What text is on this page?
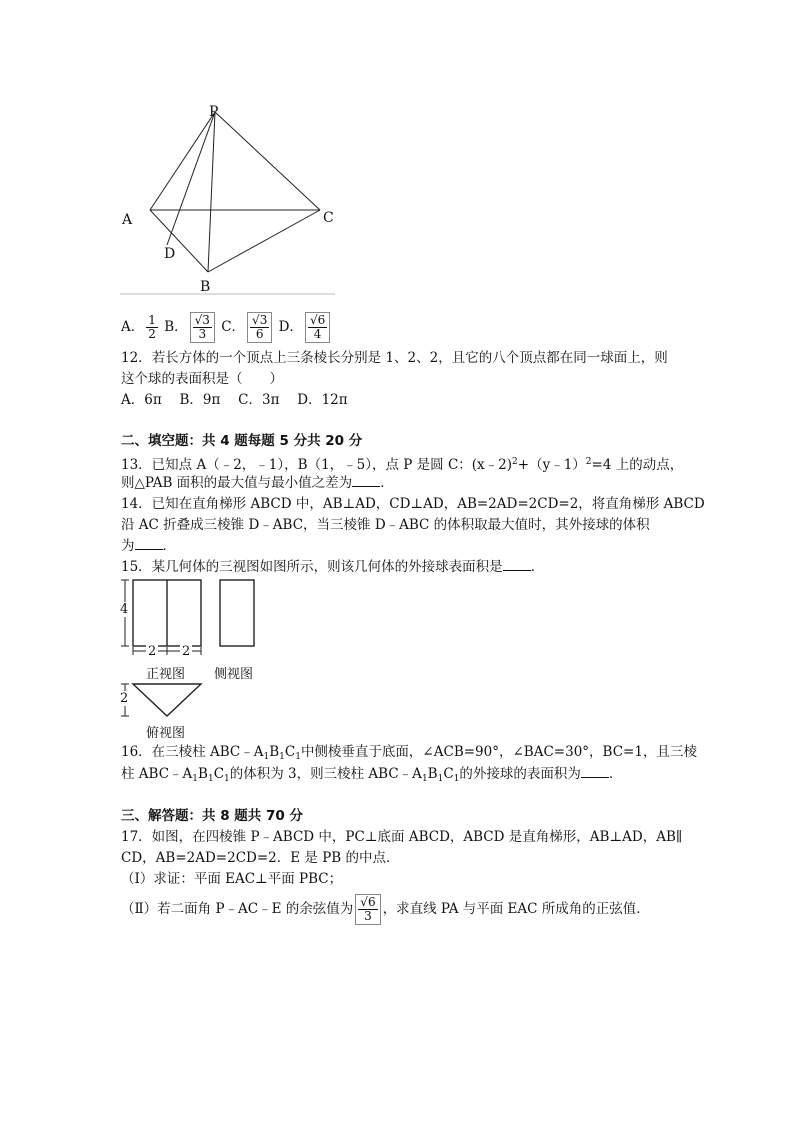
P
A	C
D
B
A． $\frac{1}{2}$ B． $\frac{√3}{3}$ C． $\frac{√3}{6}$ D． $\frac{√6}{4}$
12．若长方体的一个顶点上三条棱长分别是 1、2、2，且它的八个顶点都在同一球面上，则
这个球的表面积是（　　）
A．6π　 B．9π　 C．3π　 D．12π
二、填空题：共 4 题每题 5 分共 20 分
13．已知点 A（﹣2，﹣1），B（1，﹣5），点 P 是圆 C：(x﹣2)$^2$+（y﹣1）$^2$=4 上的动点，
则△PAB 面积的最大值与最小值之差为 ．
14．已知在直角梯形 ABCD 中，AB⊥AD，CD⊥AD，AB=2AD=2CD=2，将直角梯形 ABCD
沿 AC 折叠成三棱锥 D﹣ABC，当三棱锥 D﹣ABC 的体积取最大值时，其外接球的体积
为 ．
15．某几何体的三视图如图所示，则该几何体的外接球表面积是 ．
4
2 2
正视图 侧视图
2
俯视图
16．在三棱柱 $ABC﹣A_1B_1C_1$中侧棱垂直于底面，∠ACB=90°，∠BAC=30°，BC=1，且三棱
柱 $ABC﹣A_1B_1C_1$的体积为 3，则三棱柱 $ABC﹣A_1B_1C_1$的外接球的表面积为 ．
三、解答题：共 8 题共 70 分
17．如图，在四棱锥 P﹣ABCD 中，PC⊥底面 ABCD，ABCD 是直角梯形，AB⊥AD，AB∥
CD，AB=2AD=2CD=2．E 是 PB 的中点．
（Ⅰ）求证：平面 EAC⊥平面 PBC；
（Ⅱ）若二面角 P﹣AC﹣E 的余弦值为 $\frac{√6}{3}$ ，求直线 PA 与平面 EAC 所成角的正弦值．
